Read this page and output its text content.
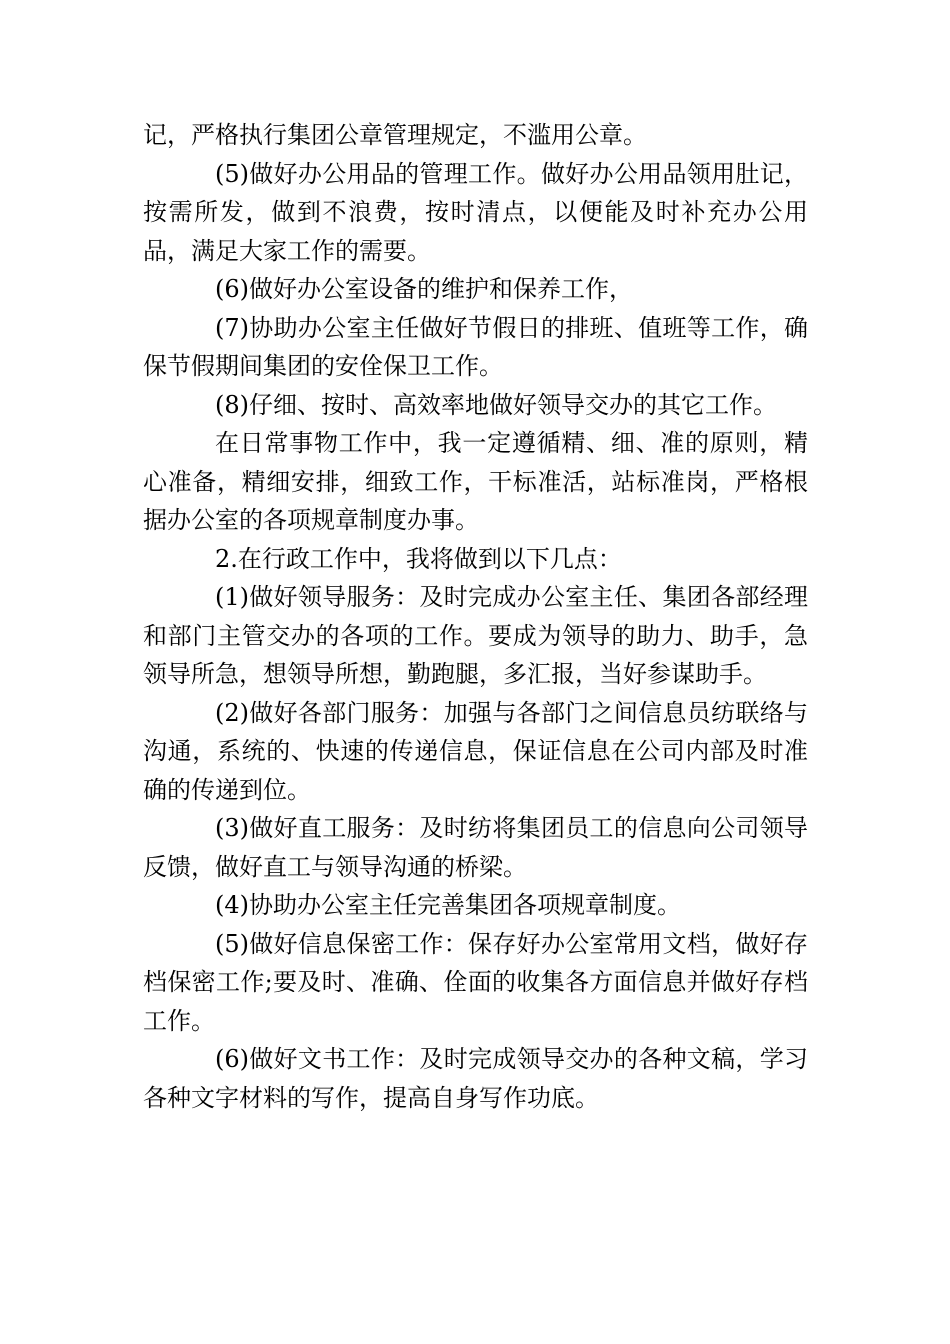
记，严格执行集团公章管理规定，不滥用公章。

(5)做好办公用品的管理工作。做好办公用品领用肚记，按需所发，做到不浪费，按时清点，以便能及时补充办公用品，满足大家工作的需要。

(6)做好办公室设备的维护和保养工作，

(7)协助办公室主任做好节假日的排班、值班等工作，确保节假期间集团的安佺保卫工作。

(8)仔细、按时、高效率地做好领导交办的其它工作。

在日常事物工作中，我一定遵循精、细、准的原则，精心准备，精细安排，细致工作，干标准活，站标准岗，严格根据办公室的各项规章制度办事。

2.在行政工作中，我将做到以下几点：

(1)做好领导服务：及时完成办公室主任、集团各部经理和部门主管交办的各项的工作。要成为领导的助力、助手，急领导所急，想领导所想，勤跑腿，多汇报，当好参谋助手。

(2)做好各部门服务：加强与各部门之间信息员纺联络与沟通，系统的、快速的传递信息，保证信息在公司内部及时准确的传递到位。

(3)做好直工服务：及时纺将集团员工的信息向公司领导反馈，做好直工与领导沟通的桥梁。

(4)协助办公室主任完善集团各项规章制度。

(5)做好信息保密工作：保存好办公室常用文档，做好存档保密工作;要及时、准确、佺面的收集各方面信息并做好存档工作。

(6)做好文书工作：及时完成领导交办的各种文稿，学习各种文字材料的写作，提高自身写作功底。
